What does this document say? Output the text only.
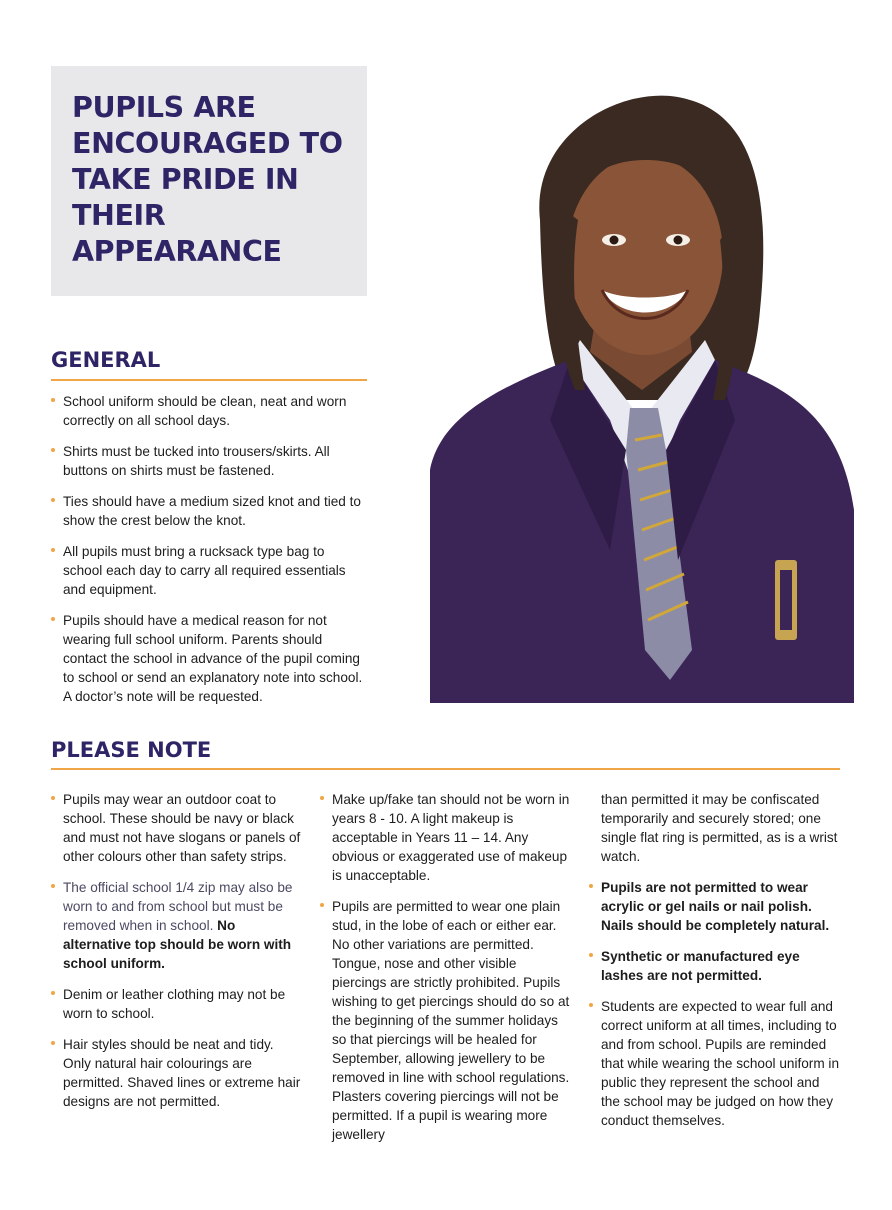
PUPILS ARE ENCOURAGED TO TAKE PRIDE IN THEIR APPEARANCE
GENERAL
School uniform should be clean, neat and worn correctly on all school days.
Shirts must be tucked into trousers/skirts. All buttons on shirts must be fastened.
Ties should have a medium sized knot and tied to show the crest below the knot.
All pupils must bring a rucksack type bag to school each day to carry all required essentials and equipment.
Pupils should have a medical reason for not wearing full school uniform. Parents should contact the school in advance of the pupil coming to school or send an explanatory note into school. A doctor’s note will be requested.
PLEASE NOTE
Pupils may wear an outdoor coat to school. These should be navy or black and must not have slogans or panels of other colours other than safety strips.
The official school 1/4 zip may also be worn to and from school but must be removed when in school. No alternative top should be worn with school uniform.
Denim or leather clothing may not be worn to school.
Hair styles should be neat and tidy. Only natural hair colourings are permitted. Shaved lines or extreme hair designs are not permitted.
Make up/fake tan should not be worn in years 8 - 10. A light makeup is acceptable in Years 11 – 14. Any obvious or exaggerated use of makeup is unacceptable.
Pupils are permitted to wear one plain stud, in the lobe of each or either ear. No other variations are permitted. Tongue, nose and other visible piercings are strictly prohibited. Pupils wishing to get piercings should do so at the beginning of the summer holidays so that piercings will be healed for September, allowing jewellery to be removed in line with school regulations. Plasters covering piercings will not be permitted. If a pupil is wearing more jewellery
than permitted it may be confiscated temporarily and securely stored; one single flat ring is permitted, as is a wrist watch.
Pupils are not permitted to wear acrylic or gel nails or nail polish. Nails should be completely natural.
Synthetic or manufactured eye lashes are not permitted.
Students are expected to wear full and correct uniform at all times, including to and from school. Pupils are reminded that while wearing the school uniform in public they represent the school and the school may be judged on how they conduct themselves.
